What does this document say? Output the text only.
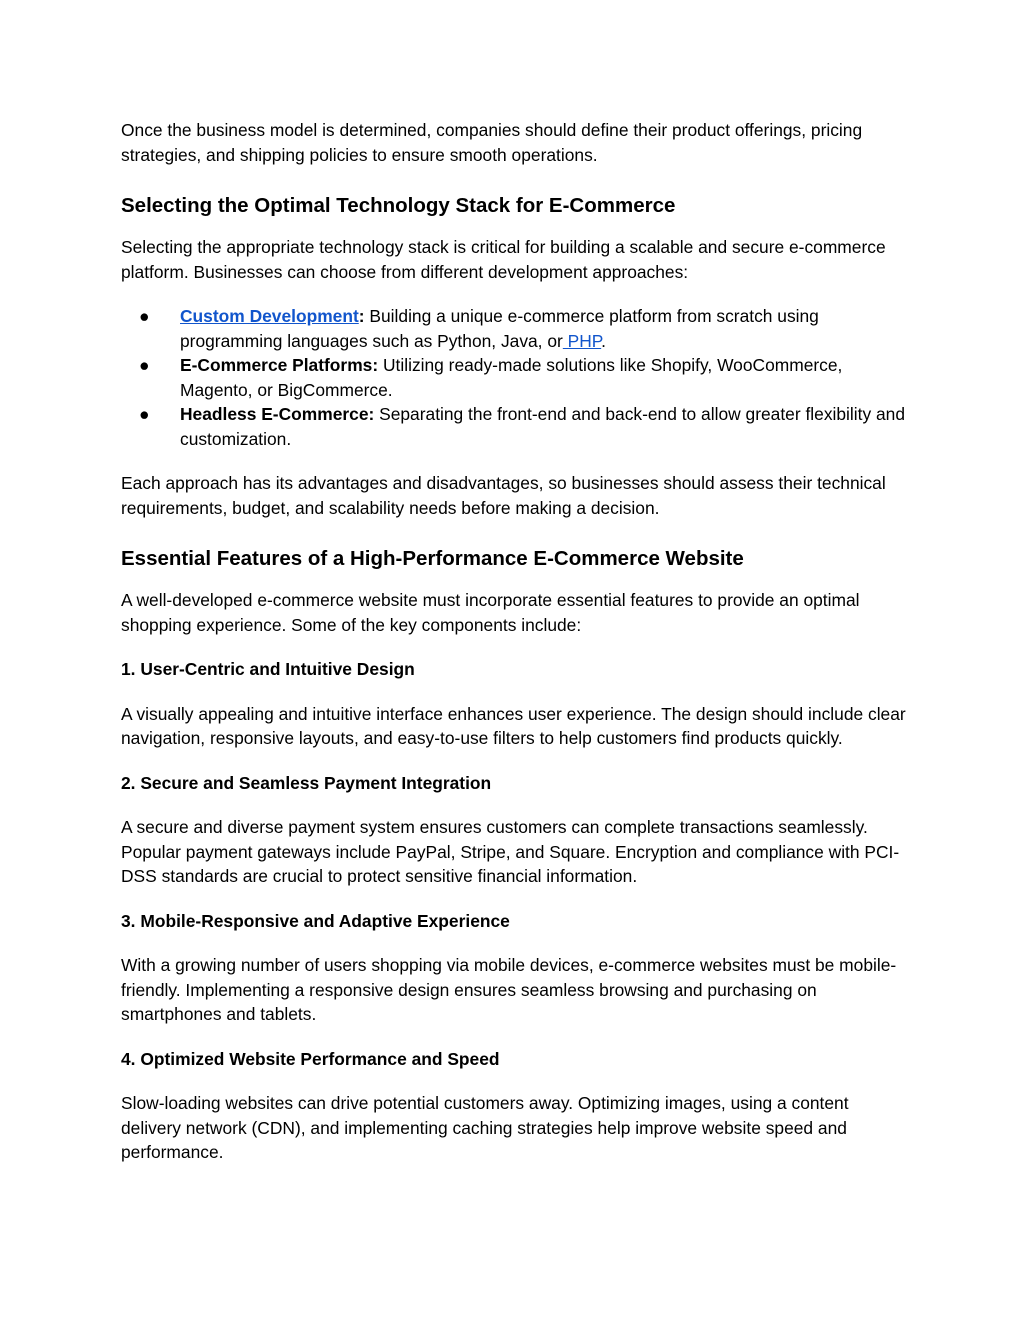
Once the business model is determined, companies should define their product offerings, pricing strategies, and shipping policies to ensure smooth operations.

Selecting the Optimal Technology Stack for E-Commerce

Selecting the appropriate technology stack is critical for building a scalable and secure e-commerce platform. Businesses can choose from different development approaches:

● Custom Development: Building a unique e-commerce platform from scratch using programming languages such as Python, Java, or PHP.
● E-Commerce Platforms: Utilizing ready-made solutions like Shopify, WooCommerce, Magento, or BigCommerce.
● Headless E-Commerce: Separating the front-end and back-end to allow greater flexibility and customization.

Each approach has its advantages and disadvantages, so businesses should assess their technical requirements, budget, and scalability needs before making a decision.

Essential Features of a High-Performance E-Commerce Website

A well-developed e-commerce website must incorporate essential features to provide an optimal shopping experience. Some of the key components include:

1. User-Centric and Intuitive Design

A visually appealing and intuitive interface enhances user experience. The design should include clear navigation, responsive layouts, and easy-to-use filters to help customers find products quickly.

2. Secure and Seamless Payment Integration

A secure and diverse payment system ensures customers can complete transactions seamlessly. Popular payment gateways include PayPal, Stripe, and Square. Encryption and compliance with PCI-DSS standards are crucial to protect sensitive financial information.

3. Mobile-Responsive and Adaptive Experience

With a growing number of users shopping via mobile devices, e-commerce websites must be mobile-friendly. Implementing a responsive design ensures seamless browsing and purchasing on smartphones and tablets.

4. Optimized Website Performance and Speed

Slow-loading websites can drive potential customers away. Optimizing images, using a content delivery network (CDN), and implementing caching strategies help improve website speed and performance.
